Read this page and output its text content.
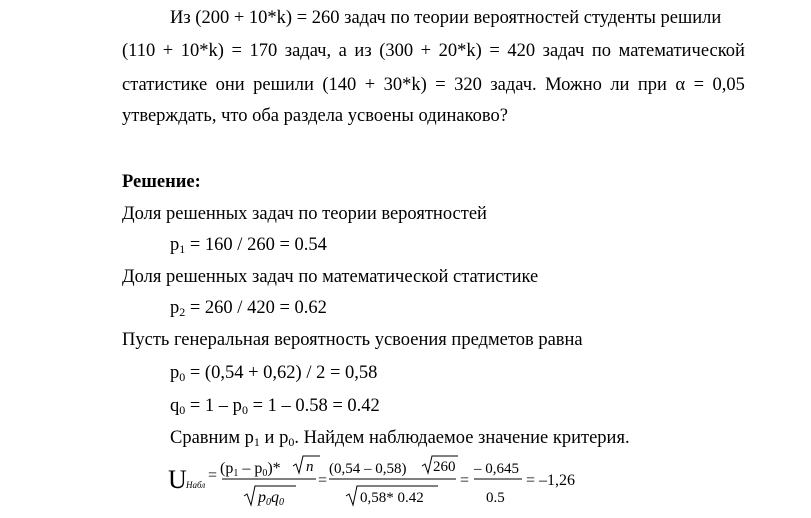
Из (200 + 10*k) = 260 задач по теории вероятностей студенты решили
(110 + 10*k) = 170 задач, а из (300 + 20*k) = 420 задач по математической
статистике они решили (140 + 30*k) = 320 задач. Можно ли при α = 0,05
утверждать, что оба раздела усвоены одинаково?
Решение:
Доля решенных задач по теории вероятностей
$p_1 = 160 / 260 = 0.54$
Доля решенных задач по математической статистике
$p_2 = 260 / 420 = 0.62$
Пусть генеральная вероятность усвоения предметов равна
$p_0 = (0,54 + 0,62) / 2 = 0,58$
$q_0 = 1 - p_0 = 1 - 0.58 = 0.42$
Сравним $p_1$ и $p_0$. Найдем наблюдаемое значение критерия.
U Набл
= (p1 – p0)* n
p0q0
=
(0,54 – 0,58) 260
0,58* 0.42
=
– 0,645
0.5
= –1,26
